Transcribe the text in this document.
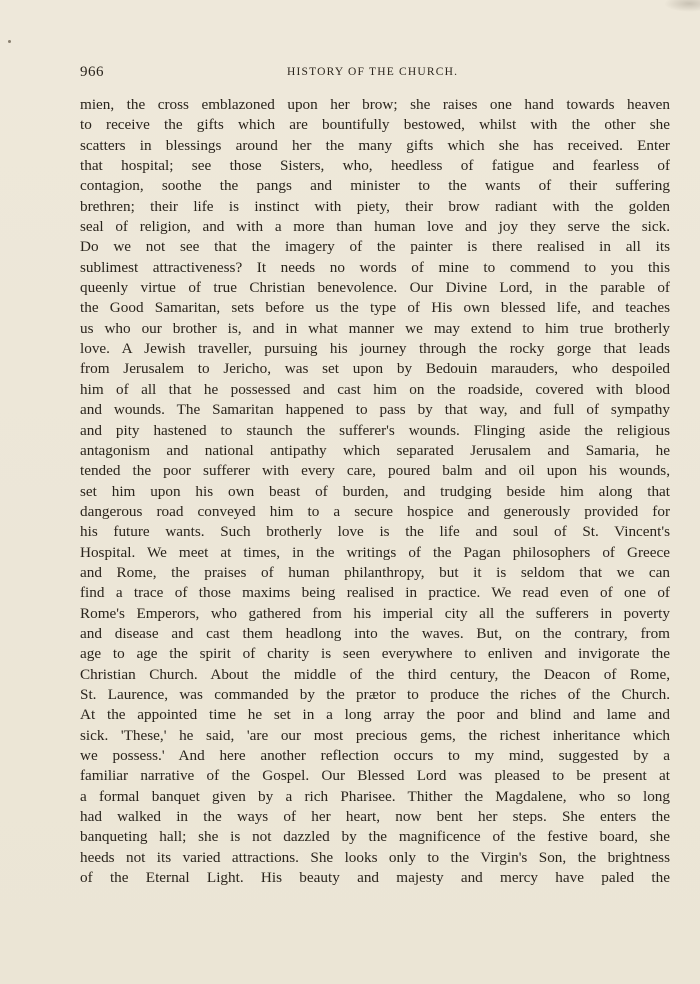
966	HISTORY OF THE CHURCH.
mien, the cross emblazoned upon her brow; she raises one hand towards heaven
to receive the gifts which are bountifully bestowed, whilst with the other she
scatters in blessings around her the many gifts which she has received. Enter
that hospital; see those Sisters, who, heedless of fatigue and fearless of
contagion, soothe the pangs and minister to the wants of their suffering
brethren; their life is instinct with piety, their brow radiant with the golden
seal of religion, and with a more than human love and joy they serve the sick.
Do we not see that the imagery of the painter is there realised in all its
sublimest attractiveness? It needs no words of mine to commend to you this
queenly virtue of true Christian benevolence. Our Divine Lord, in the parable of
the Good Samaritan, sets before us the type of His own blessed life, and teaches
us who our brother is, and in what manner we may extend to him true brotherly
love. A Jewish traveller, pursuing his journey through the rocky gorge that leads
from Jerusalem to Jericho, was set upon by Bedouin marauders, who despoiled
him of all that he possessed and cast him on the roadside, covered with blood
and wounds. The Samaritan happened to pass by that way, and full of sympathy
and pity hastened to staunch the sufferer's wounds. Flinging aside the religious
antagonism and national antipathy which separated Jerusalem and Samaria, he
tended the poor sufferer with every care, poured balm and oil upon his wounds,
set him upon his own beast of burden, and trudging beside him along that
dangerous road conveyed him to a secure hospice and generously provided for
his future wants. Such brotherly love is the life and soul of St. Vincent's
Hospital. We meet at times, in the writings of the Pagan philosophers of Greece
and Rome, the praises of human philanthropy, but it is seldom that we can
find a trace of those maxims being realised in practice. We read even of one of
Rome's Emperors, who gathered from his imperial city all the sufferers in poverty
and disease and cast them headlong into the waves. But, on the contrary, from
age to age the spirit of charity is seen everywhere to enliven and invigorate the
Christian Church. About the middle of the third century, the Deacon of Rome,
St. Laurence, was commanded by the prætor to produce the riches of the Church.
At the appointed time he set in a long array the poor and blind and lame and
sick. 'These,' he said, 'are our most precious gems, the richest inheritance which
we possess.' And here another reflection occurs to my mind, suggested by a
familiar narrative of the Gospel. Our Blessed Lord was pleased to be present at
a formal banquet given by a rich Pharisee. Thither the Magdalene, who so long
had walked in the ways of her heart, now bent her steps. She enters the
banqueting hall; she is not dazzled by the magnificence of the festive board, she
heeds not its varied attractions. She looks only to the Virgin's Son, the brightness
of the Eternal Light. His beauty and majesty and mercy have paled the
